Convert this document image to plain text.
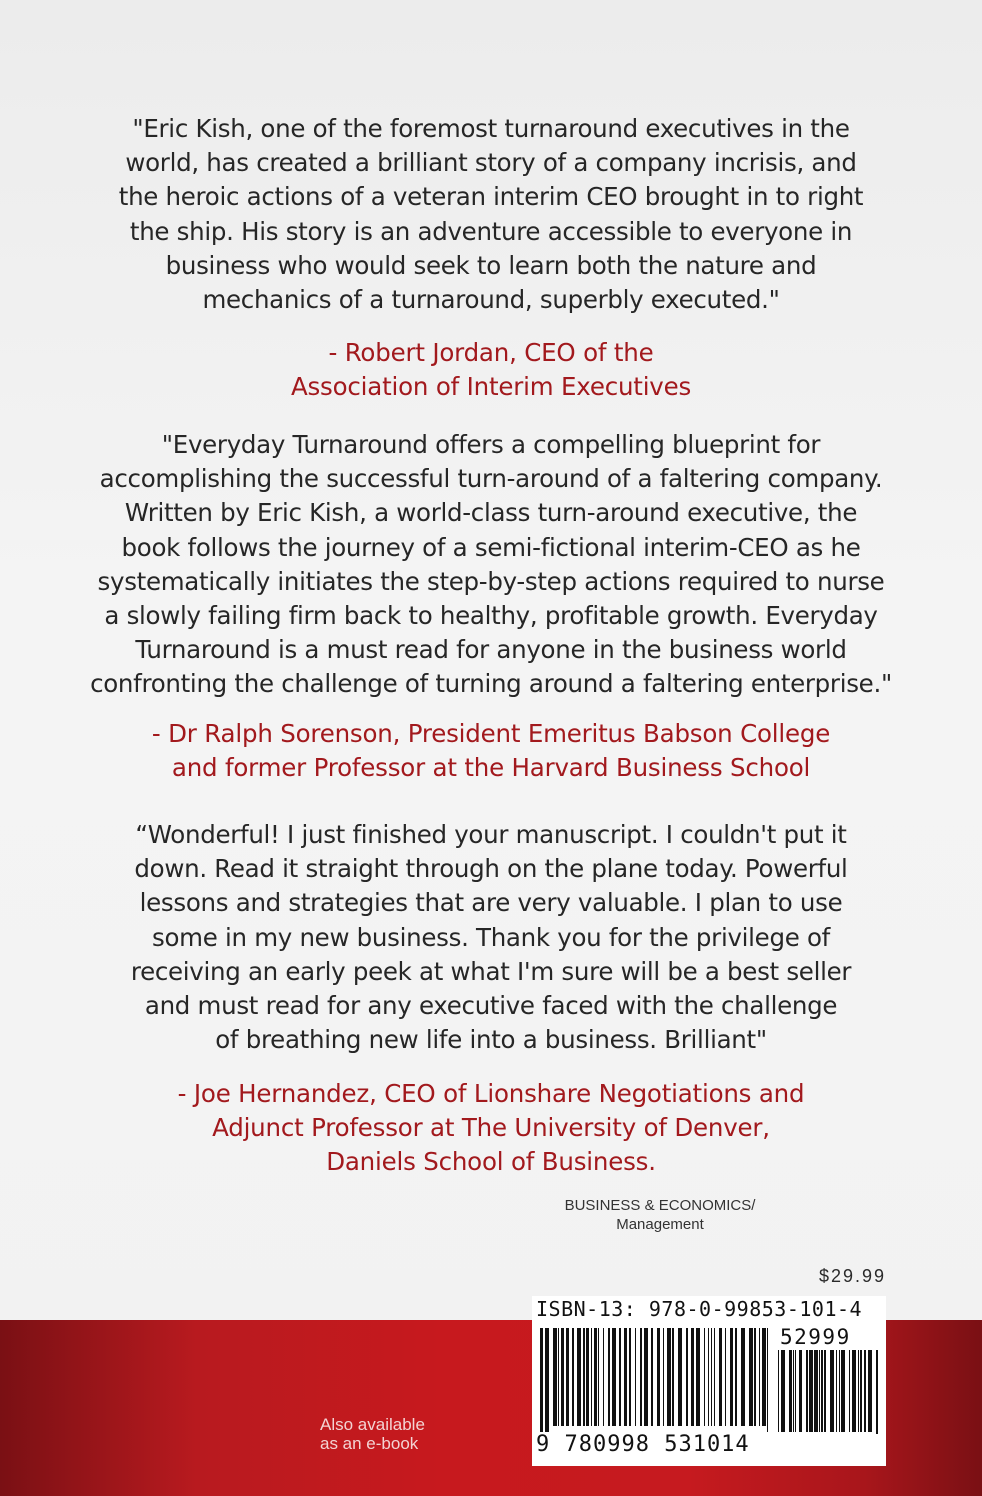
"Eric Kish, one of the foremost turnaround executives in the
world, has created a brilliant story of a company incrisis, and
the heroic actions of a veteran interim CEO brought in to right
the ship. His story is an adventure accessible to everyone in
business who would seek to learn both the nature and
mechanics of a turnaround, superbly executed."
- Robert Jordan, CEO of the
Association of Interim Executives
"Everyday Turnaround offers a compelling blueprint for
accomplishing the successful turn-around of a faltering company.
Written by Eric Kish, a world-class turn-around executive, the
book follows the journey of a semi-fictional interim-CEO as he
systematically initiates the step-by-step actions required to nurse
a slowly failing firm back to healthy, profitable growth. Everyday
Turnaround is a must read for anyone in the business world
confronting the challenge of turning around a faltering enterprise."
- Dr Ralph Sorenson, President Emeritus Babson College
and former Professor at the Harvard Business School
“Wonderful! I just finished your manuscript. I couldn't put it
down. Read it straight through on the plane today. Powerful
lessons and strategies that are very valuable. I plan to use
some in my new business. Thank you for the privilege of
receiving an early peek at what I'm sure will be a best seller
and must read for any executive faced with the challenge
of breathing new life into a business. Brilliant"
- Joe Hernandez, CEO of Lionshare Negotiations and
Adjunct Professor at The University of Denver,
Daniels School of Business.
BUSINESS & ECONOMICS/
Management
$29.99
Also available
as an e-book
ISBN-13: 978-0-99853-101-4
52999
9 780998 531014
